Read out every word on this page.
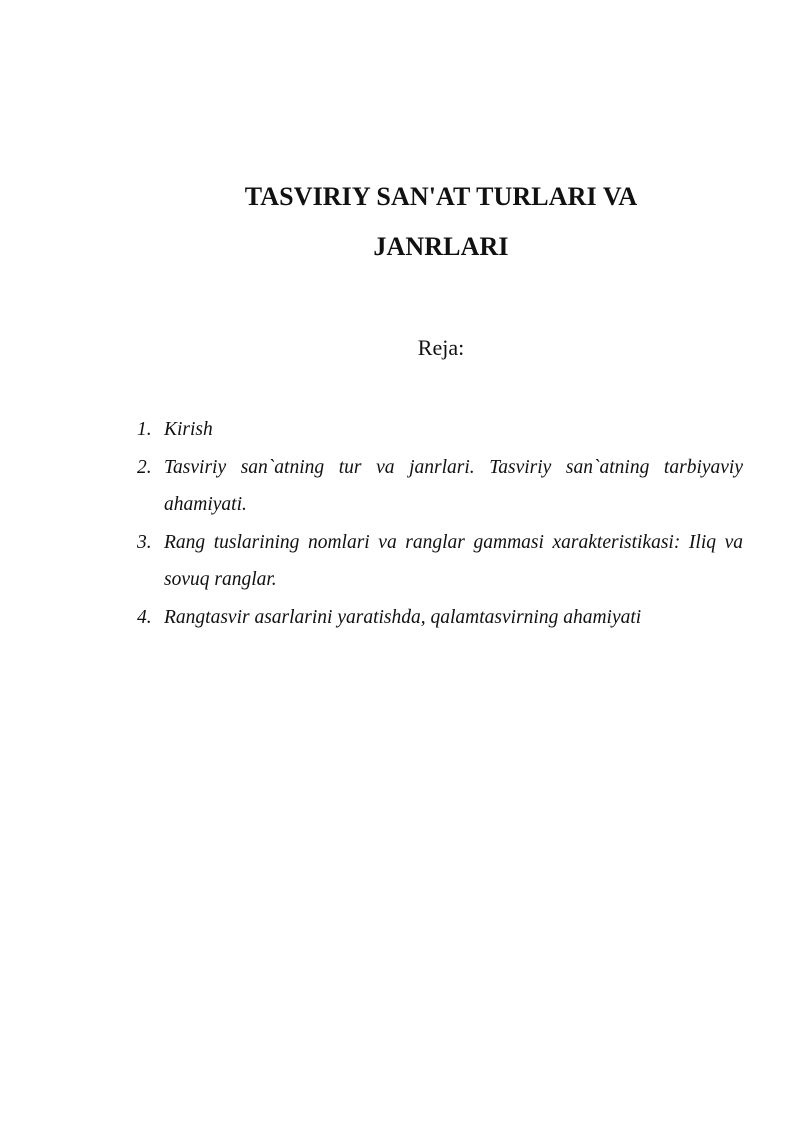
TASVIRIY SAN'AT TURLARI VA
JANRLARI
Reja:
1. Kirish
2. Tasviriy san`atning tur va janrlari. Tasviriy san`atning tarbiyaviy ahamiyati.
3. Rang tuslarining nomlari va ranglar gammasi xarakteristikasi: Iliq va sovuq ranglar.
4. Rangtasvir asarlarini yaratishda, qalamtasvirning ahamiyati
